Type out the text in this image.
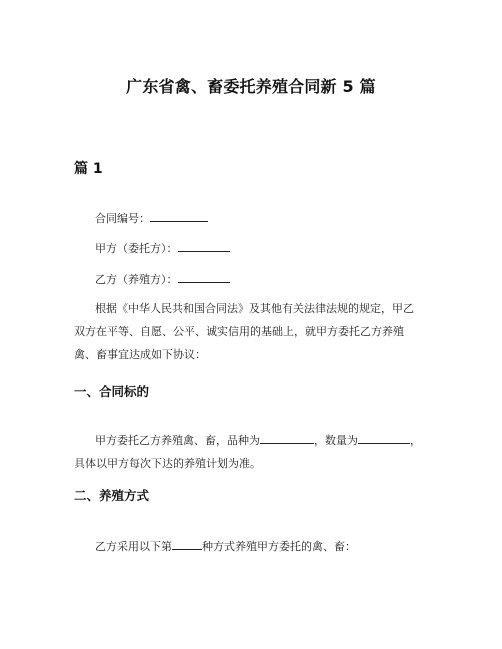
广东省禽、畜委托养殖合同新 5 篇
篇 1
合同编号：
甲方（委托方）：
乙方（养殖方）：
根据《中华人民共和国合同法》及其他有关法律法规的规定，甲乙
双方在平等、自愿、公平、诚实信用的基础上，就甲方委托乙方养殖
禽、畜事宜达成如下协议：
一、合同标的
甲方委托乙方养殖禽、畜，品种为	，数量为	，
具体以甲方每次下达的养殖计划为准。
二、养殖方式
乙方采用以下第	种方式养殖甲方委托的禽、畜：
